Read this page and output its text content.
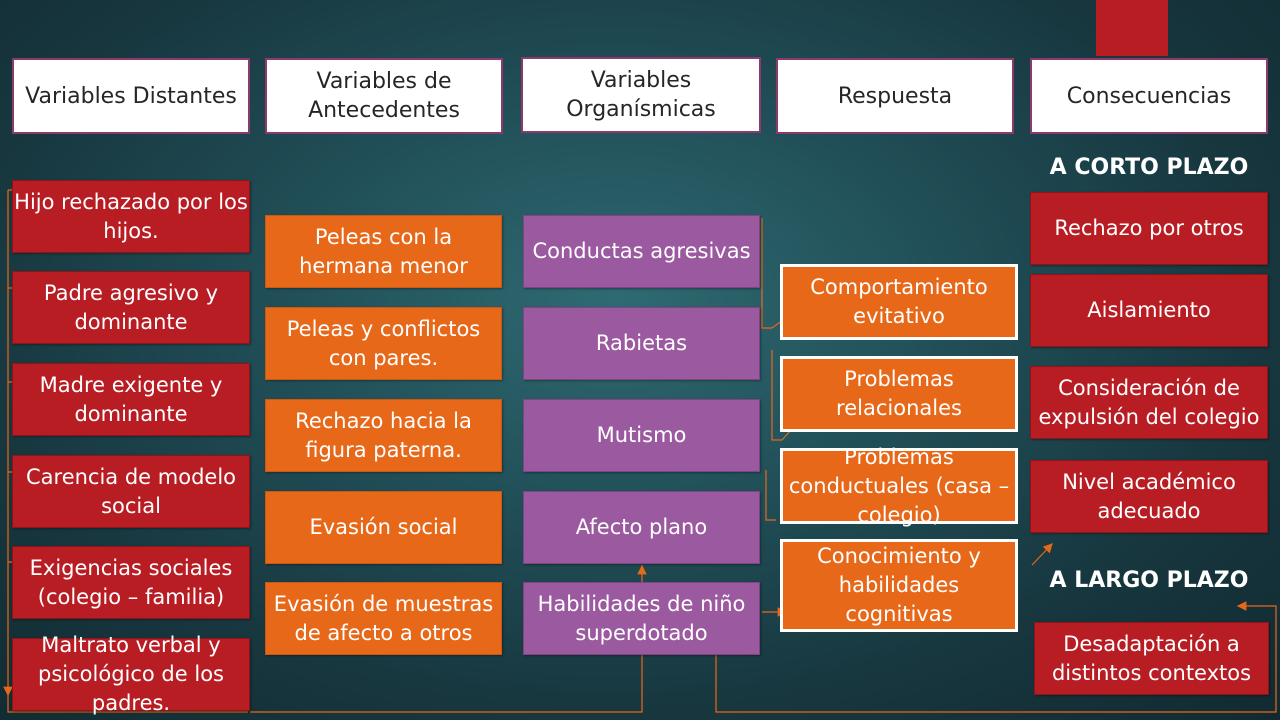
Variables Distantes
Variables de Antecedentes
Variables Organísmicas
Respuesta	Consecuencias
Hijo rechazado por los hijos.
Padre agresivo y dominante
Madre exigente y dominante
Carencia de modelo social
Exigencias sociales (colegio – familia)
Maltrato verbal y psicológico de los padres.
Peleas con la hermana menor
Peleas y conflictos con pares.
Rechazo hacia la figura paterna.
Evasión social
Evasión de muestras de afecto a otros
Conductas agresivas
Rabietas
Mutismo
Afecto plano
Habilidades de niño superdotado
Comportamiento evitativo
Problemas relacionales
Problemas conductuales (casa – colegio)
Conocimiento y habilidades cognitivas
A CORTO PLAZO
Rechazo por otros
Aislamiento
Consideración de expulsión del colegio
Nivel académico adecuado
A LARGO PLAZO
Desadaptación a distintos contextos
